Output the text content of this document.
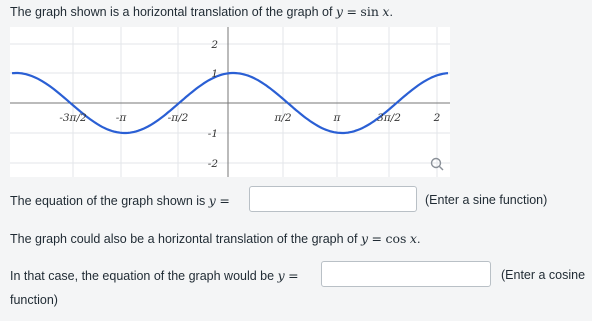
The graph shown is a horizontal translation of the graph of y = sin x.
2
1
-1
-2
-3π/2	-π	-π/2	π/2	π	3π/2	2
The equation of the graph shown is y =	(Enter a sine function)
The graph could also be a horizontal translation of the graph of y = cos x.
In that case, the equation of the graph would be y =	(Enter a cosine
function)
